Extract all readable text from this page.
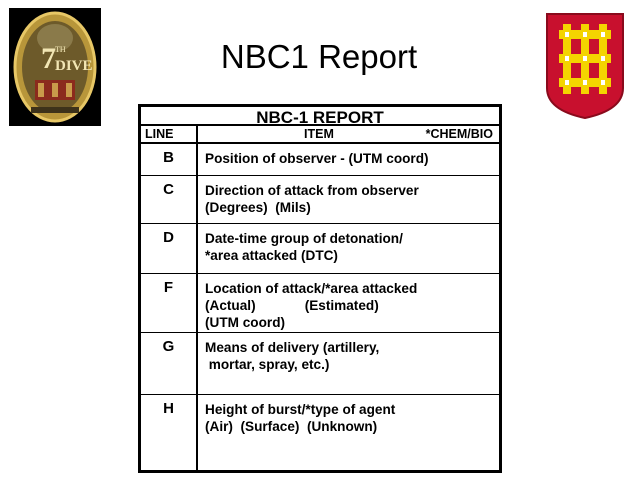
7 TH
DIVE	NBC1 Report
NBC-1 REPORT
LINE	ITEM	*CHEM/BIO
B	Position of observer - (UTM coord)
C	Direction of attack from observer
(Degrees)  (Mils)
D	Date-time group of detonation/
*area attacked (DTC)
F	Location of attack/*area attacked
(Actual)             (Estimated)
(UTM coord)
G	Means of delivery (artillery,
mortar, spray, etc.)
H	Height of burst/*type of agent
(Air)  (Surface)  (Unknown)
